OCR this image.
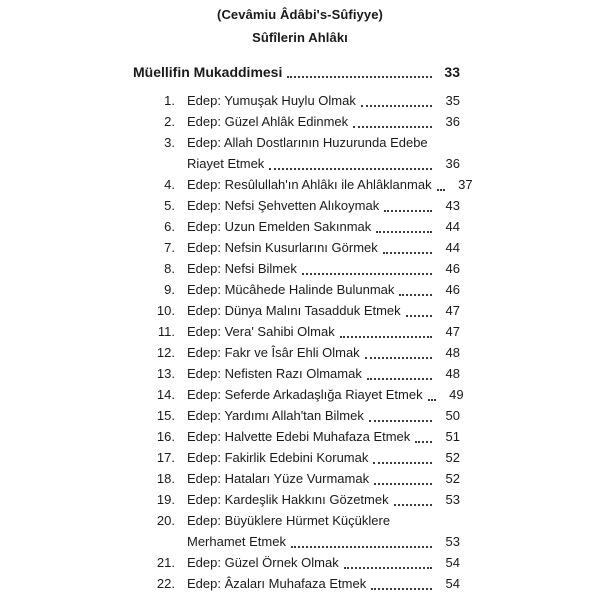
(Cevâmiu Âdâbi's-Sûfiyye)
Sûfîlerin Ahlâkı
Müellifin Mukaddimesi	33
1. Edep: Yumuşak Huylu Olmak	35
2. Edep: Güzel Ahlâk Edinmek	36
3. Edep: Allah Dostlarının Huzurunda Edebe
Riayet Etmek	36
4. Edep: Resûlullah'ın Ahlâkı ile Ahlâklanmak	37
5. Edep: Nefsi Şehvetten Alıkoymak	43
6. Edep: Uzun Emelden Sakınmak	44
7. Edep: Nefsin Kusurlarını Görmek	44
8. Edep: Nefsi Bilmek	46
9. Edep: Mücâhede Halinde Bulunmak	46
10. Edep: Dünya Malını Tasadduk Etmek	47
11. Edep: Vera' Sahibi Olmak	47
12. Edep: Fakr ve Îsâr Ehli Olmak	48
13. Edep: Nefisten Razı Olmamak	48
14. Edep: Seferde Arkadaşlığa Riayet Etmek	49
15. Edep: Yardımı Allah'tan Bilmek	50
16. Edep: Halvette Edebi Muhafaza Etmek	51
17. Edep: Fakirlik Edebini Korumak	52
18. Edep: Hataları Yüze Vurmamak	52
19. Edep: Kardeşlik Hakkını Gözetmek	53
20. Edep: Büyüklere Hürmet Küçüklere
Merhamet Etmek	53
21. Edep: Güzel Örnek Olmak	54
22. Edep: Âzaları Muhafaza Etmek	54
